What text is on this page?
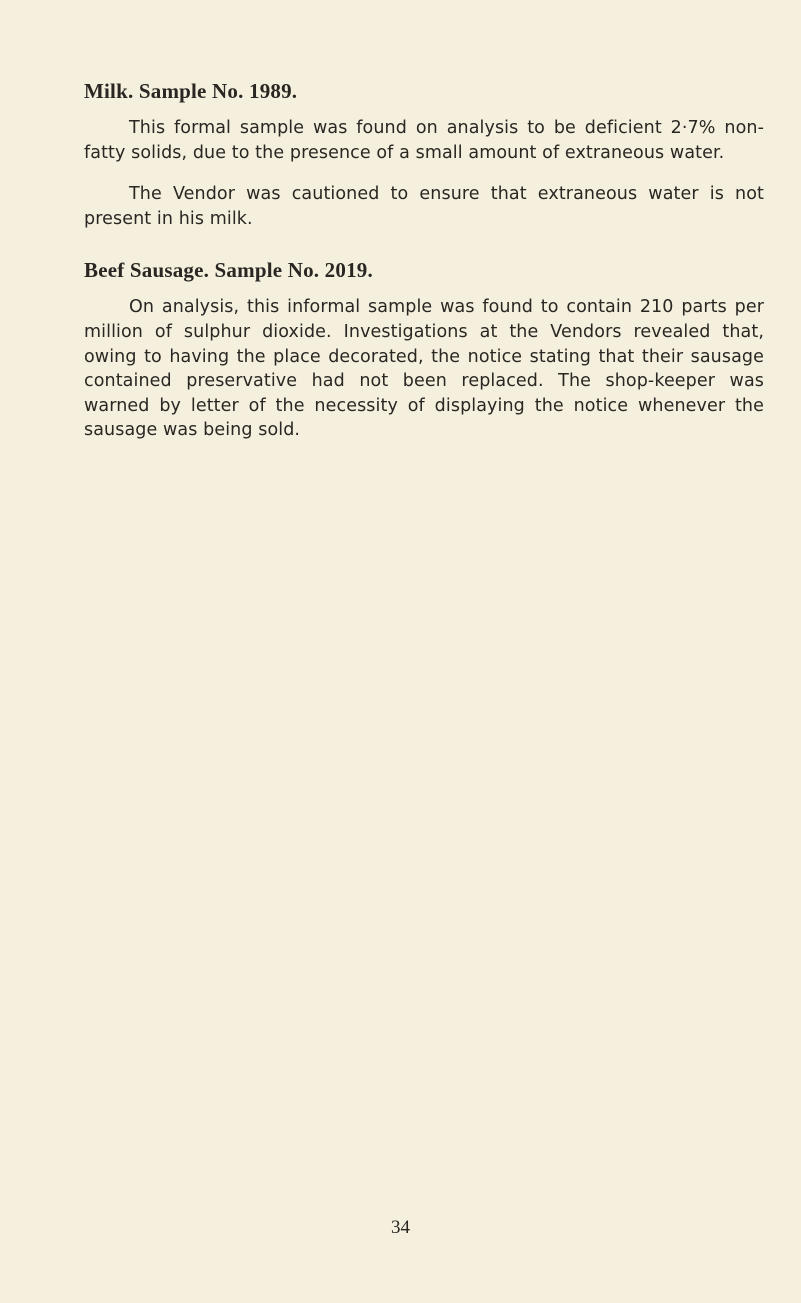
Milk. Sample No. 1989.

This formal sample was found on analysis to be deficient 2·7% non-fatty solids, due to the presence of a small amount of extraneous water.

The Vendor was cautioned to ensure that extraneous water is not present in his milk.

Beef Sausage. Sample No. 2019.

On analysis, this informal sample was found to contain 210 parts per million of sulphur dioxide. Investigations at the Vendors revealed that, owing to having the place decorated, the notice stating that their sausage contained preservative had not been replaced. The shop-keeper was warned by letter of the necessity of displaying the notice whenever the sausage was being sold.

34
